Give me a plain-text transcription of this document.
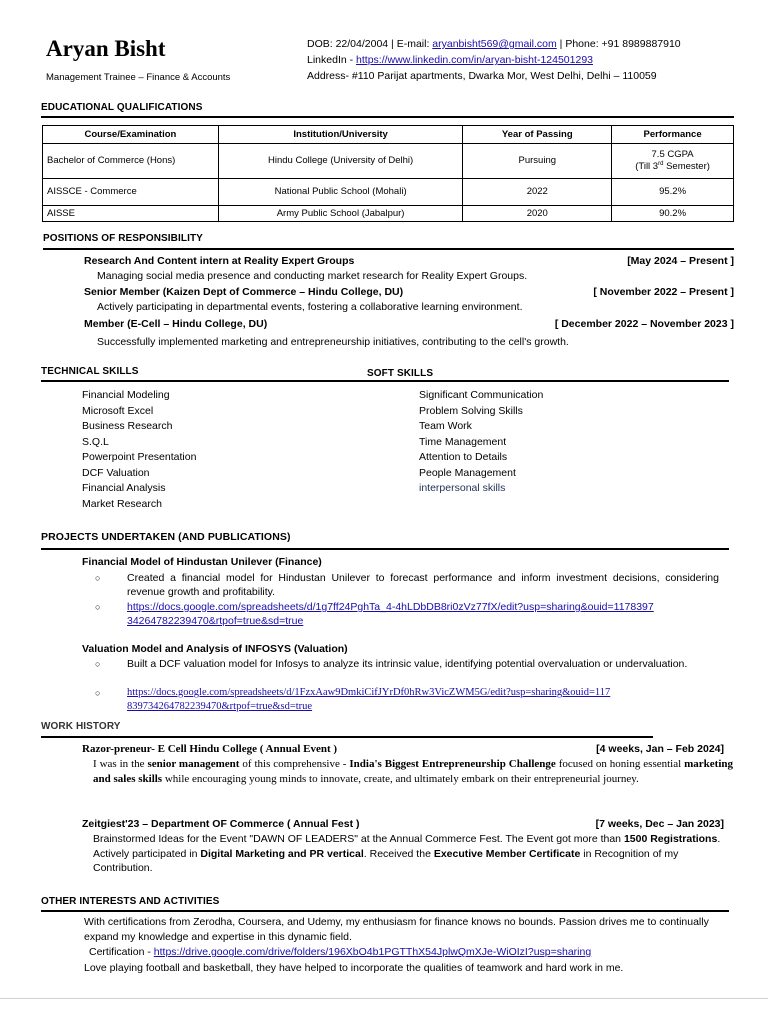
Aryan Bisht
Management Trainee – Finance & Accounts
DOB: 22/04/2004 | E-mail: aryanbisht569@gmail.com | Phone: +91 8989887910
LinkedIn - https://www.linkedin.com/in/aryan-bisht-124501293
Address- #110 Parijat apartments, Dwarka Mor, West Delhi, Delhi – 110059
EDUCATIONAL QUALIFICATIONS
Course/Examination	Institution/University	Year of Passing	Performance
Bachelor of Commerce (Hons)	Hindu College (University of Delhi)	Pursuing	7.5 CGPA
(Till 3rd Semester)

AISSCE - Commerce	National Public School (Mohali)	2022	95.2%
AISSE	Army Public School (Jabalpur)	2020	90.2%
POSITIONS OF RESPONSIBILITY
Research And Content intern at Reality Expert Groups	[May 2024 – Present ]
Managing social media presence and conducting market research for Reality Expert Groups.
Senior Member (Kaizen Dept of Commerce – Hindu College, DU)	[ November 2022 – Present ]
Actively participating in departmental events, fostering a collaborative learning environment.
Member (E-Cell – Hindu College, DU)	[ December 2022 – November 2023 ]
Successfully implemented marketing and entrepreneurship initiatives, contributing to the cell's growth.
TECHNICAL SKILLS	SOFT SKILLS
Financial Modeling
Microsoft Excel
Business Research
S.Q.L
Powerpoint Presentation
DCF Valuation
Financial Analysis
Market Research
Significant Communication
Problem Solving Skills
Team Work
Time Management
Attention to Details
People Management
interpersonal skills
PROJECTS UNDERTAKEN (AND PUBLICATIONS)
Financial Model of Hindustan Unilever (Finance)
○	Created a financial model for Hindustan Unilever to forecast performance and inform investment decisions, considering revenue growth and profitability.
○	https://docs.google.com/spreadsheets/d/1g7ff24PghTa_4-4hLDbDB8ri0zVz77fX/edit?usp=sharing&ouid=1178397
34264782239470&rtpof=true&sd=true
Valuation Model and Analysis of INFOSYS (Valuation)
○	Built a DCF valuation model for Infosys to analyze its intrinsic value, identifying potential overvaluation or undervaluation.
○	https://docs.google.com/spreadsheets/d/1FzxAaw9DmkiCifJYrDf0hRw3VicZWM5G/edit?usp=sharing&ouid=117
839734264782239470&rtpof=true&sd=true
WORK HISTORY
Razor-preneur- E Cell Hindu College ( Annual Event )	[4 weeks, Jan – Feb 2024]
I was in the senior management of this comprehensive - India's Biggest Entrepreneurship Challenge focused on honing essential marketing and sales skills while encouraging young minds to innovate, create, and ultimately embark on their entrepreneurial journey.
Zeitgiest'23 – Department OF Commerce ( Annual Fest )	[7 weeks, Dec – Jan 2023]
Brainstormed Ideas for the Event "DAWN OF LEADERS" at the Annual Commerce Fest. The Event got more than 1500 Registrations. Actively participated in Digital Marketing and PR vertical. Received the Executive Member Certificate in Recognition of my Contribution.
OTHER INTERESTS AND ACTIVITIES
With certifications from Zerodha, Coursera, and Udemy, my enthusiasm for finance knows no bounds. Passion drives me to continually expand my knowledge and expertise in this dynamic field.
Certification - https://drive.google.com/drive/folders/196XbO4b1PGTThX54JplwQmXJe-WiOIzI?usp=sharing
Love playing football and basketball, they have helped to incorporate the qualities of teamwork and hard work in me.
